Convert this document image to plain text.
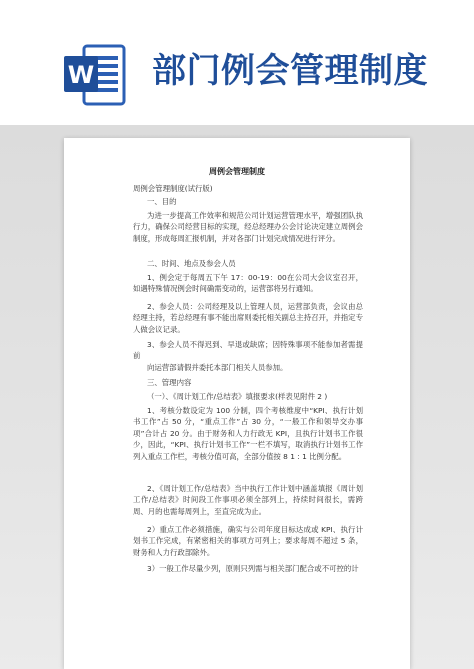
W 部门例会管理制度
周例会管理制度

周例会管理制度(试行版)

一、目的

为进一步提高工作效率和规范公司计划运营管理水平，增强团队执行力，确保公司经营目标的实现，经总经理办公会讨论决定建立周例会制度，形成每周汇报机制，并对各部门计划完成情况进行评分。

二、时间、地点及参会人员

1、例会定于每周五下午 17：00-19：00在公司大会议室召开，如遇特殊情况例会时间确需变动的，运营部将另行通知。

2、参会人员：公司经理及以上管理人员，运营部负责，会议由总经理主持，若总经理有事不能出席则委托相关副总主持召开，并指定专人做会议记录。

3、参会人员不得迟到、早退或缺席；因特殊事项不能参加者需提前

向运营部请假并委托本部门相关人员参加。

三、管理内容

（一）、《周计划工作/总结表》填报要求(样表见附件 2 )

1、考核分数设定为 100 分制，四个考核维度中“KPI、执行计划书工作”占 50 分，“重点工作”占 30 分，“一般工作和领导交办事项”合计占 20 分。由于财务和人力行政无 KPI，且执行计划书工作很少，因此，“KPI、执行计划书工作”一栏不填写，取消执行计划书工作列入重点工作栏，考核分值可高，全部分值按 8 1 : 1 比例分配。

2、《周计划工作/总结表》当中执行工作计划中涵盖填报《周计划工作/总结表》时间段工作事项必须全部列上，持续时间很长，需跨周、月的也需每周列上，至直完成为止。

2）重点工作必须措施，确实与公司年度目标达成或 KPI、执行计划书工作完成，有紧密相关的事项方可列上；要求每周不超过 5 条，财务和人力行政部除外。

3）一般工作尽量少列，原则只列需与相关部门配合或不可控的计
